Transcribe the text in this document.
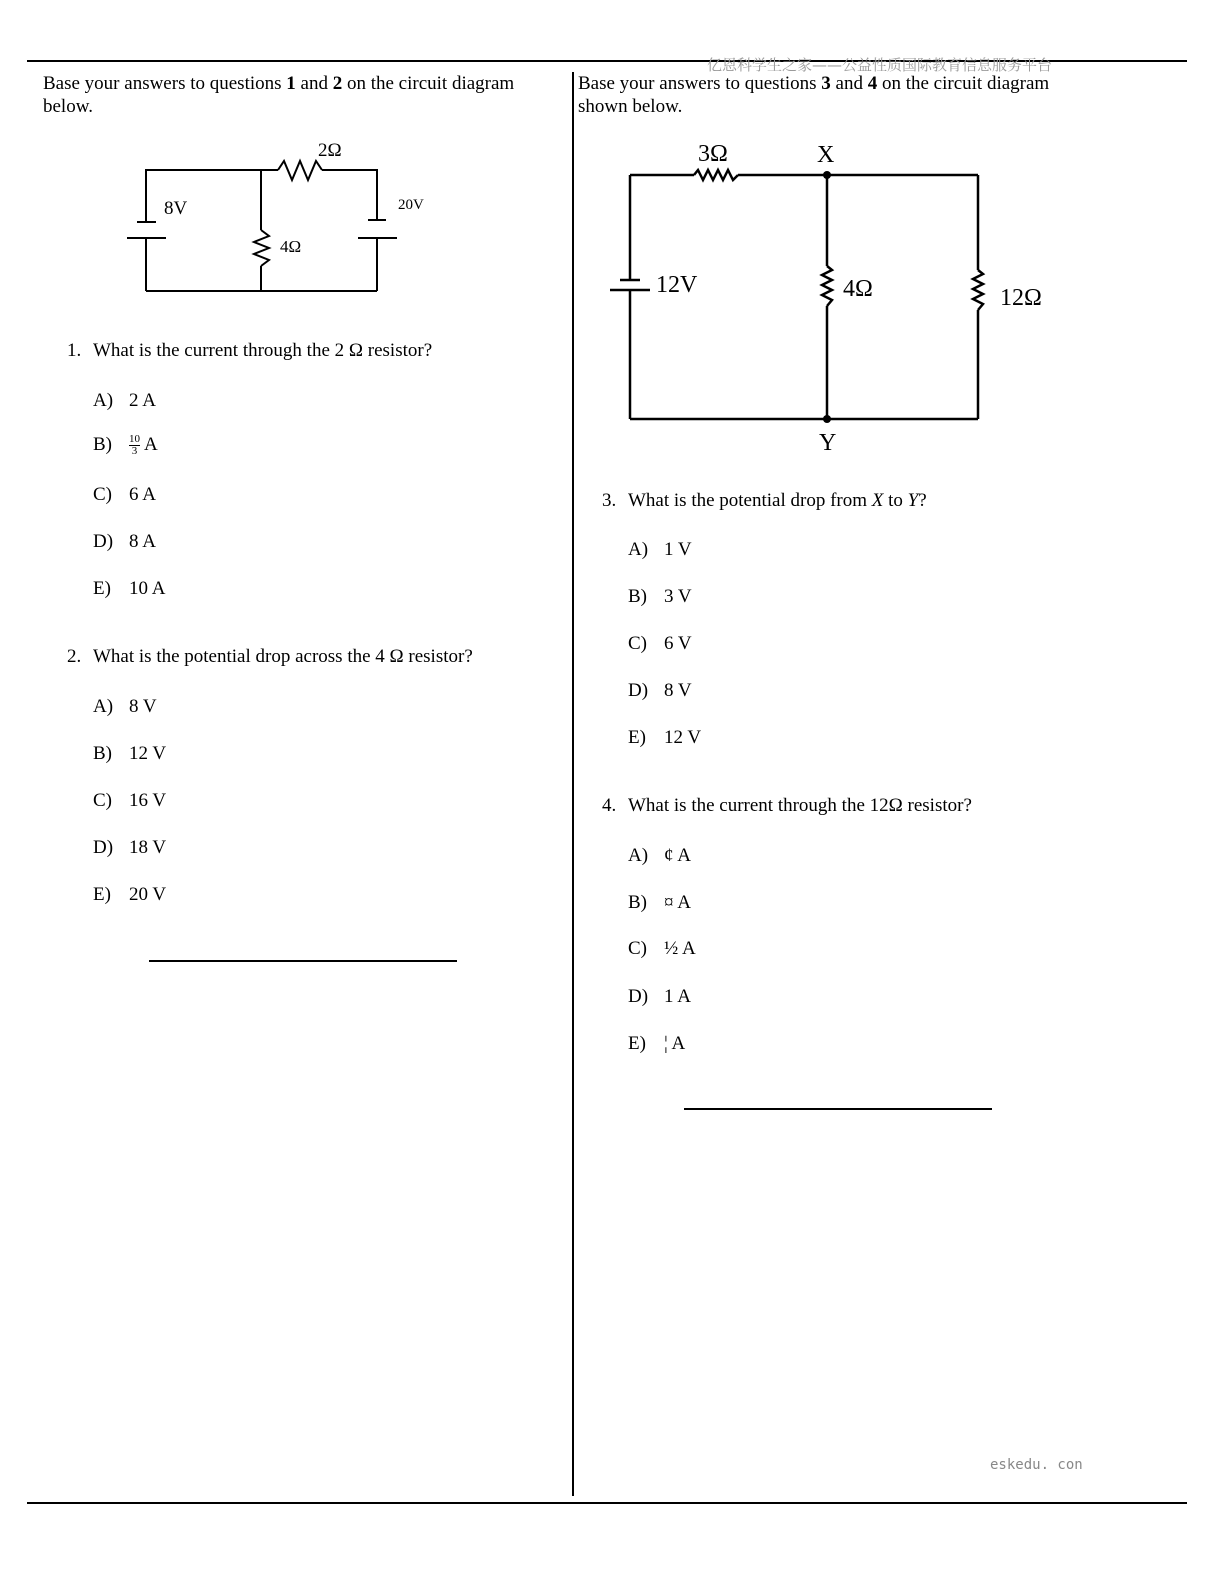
亿恩科学生之家——公益性质国际教育信息服务平台
Base your answers to questions 1 and 2 on the circuit diagram below.
2Ω
8V
4Ω
20V
1. What is the current through the 2 Ω resistor?
A) 2 A
$B) \frac{10}{3}$ A
C) 6 A
D) 8 A
E) 10 A
2. What is the potential drop across the 4 Ω resistor?
A) 8 V
B) 12 V
C) 16 V
D) 18 V
E) 20 V
Base your answers to questions 3 and 4 on the circuit diagram shown below.
3Ω	X
12V	4Ω	12Ω
Y
3. What is the potential drop from X to Y?
A) 1 V
B) 3 V
C) 6 V
D) 8 V
E) 12 V
4. What is the current through the 12Ω resistor?
A) ¢ A
B) ¤ A
C) ½ A
D) 1 A
E) ¦ A
eskedu. con
